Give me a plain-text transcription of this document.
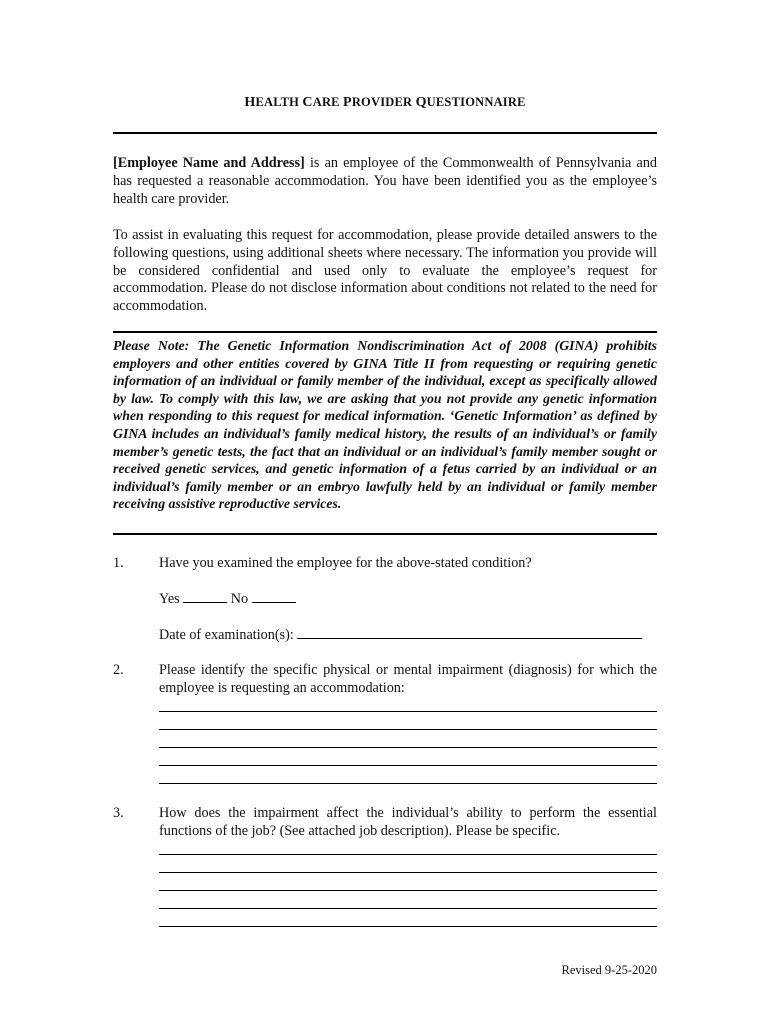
HEALTH CARE PROVIDER QUESTIONNAIRE

[Employee Name and Address] is an employee of the Commonwealth of Pennsylvania and has requested a reasonable accommodation. You have been identified you as the employee’s health care provider.

To assist in evaluating this request for accommodation, please provide detailed answers to the following questions, using additional sheets where necessary. The information you provide will be considered confidential and used only to evaluate the employee’s request for accommodation. Please do not disclose information about conditions not related to the need for accommodation.

Please Note: The Genetic Information Nondiscrimination Act of 2008 (GINA) prohibits employers and other entities covered by GINA Title II from requesting or requiring genetic information of an individual or family member of the individual, except as specifically allowed by law. To comply with this law, we are asking that you not provide any genetic information when responding to this request for medical information. ‘Genetic Information’ as defined by GINA includes an individual’s family medical history, the results of an individual’s or family member’s genetic tests, the fact that an individual or an individual’s family member sought or received genetic services, and genetic information of a fetus carried by an individual or an individual’s family member or an embryo lawfully held by an individual or family member receiving assistive reproductive services.

1. Have you examined the employee for the above-stated condition?

Yes	No
Date of examination(s):
2. Please identify the specific physical or mental impairment (diagnosis) for which the employee is requesting an accommodation:

3. How does the impairment affect the individual’s ability to perform the essential functions of the job? (See attached job description). Please be specific.

Revised 9-25-2020
